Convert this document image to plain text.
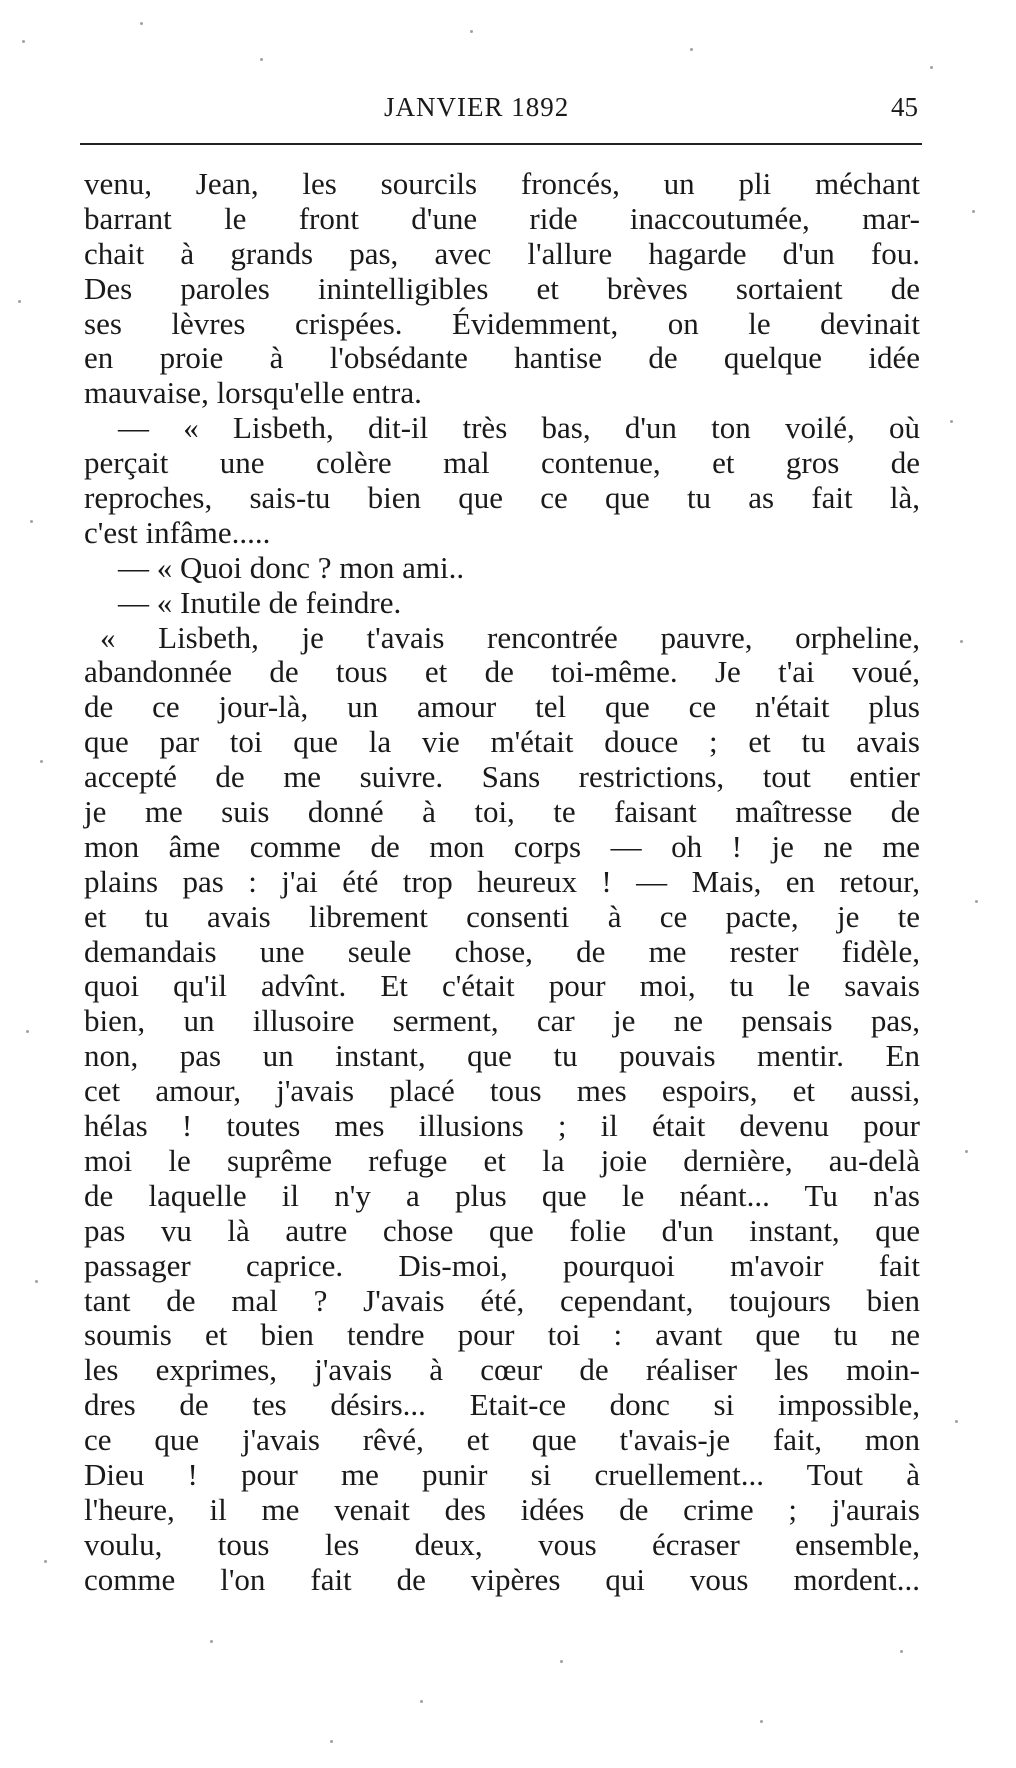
JANVIER 1892	45
venu, Jean, les sourcils froncés, un pli méchant
barrant le front d'une ride inaccoutumée, mar-
chait à grands pas, avec l'allure hagarde d'un fou.
Des paroles inintelligibles et brèves sortaient de
ses lèvres crispées. Évidemment, on le devinait
en proie à l'obsédante hantise de quelque idée
mauvaise, lorsqu'elle entra.
— « Lisbeth, dit-il très bas, d'un ton voilé, où
perçait une colère mal contenue, et gros de
reproches, sais-tu bien que ce que tu as fait là,
c'est infâme.....
— « Quoi donc ? mon ami..
— « Inutile de feindre.
« Lisbeth, je t'avais rencontrée pauvre, orpheline,
abandonnée de tous et de toi-même. Je t'ai voué,
de ce jour-là, un amour tel que ce n'était plus
que par toi que la vie m'était douce ; et tu avais
accepté de me suivre. Sans restrictions, tout entier
je me suis donné à toi, te faisant maîtresse de
mon âme comme de mon corps — oh ! je ne me
plains pas : j'ai été trop heureux ! — Mais, en retour,
et tu avais librement consenti à ce pacte, je te
demandais une seule chose, de me rester fidèle,
quoi qu'il advînt. Et c'était pour moi, tu le savais
bien, un illusoire serment, car je ne pensais pas,
non, pas un instant, que tu pouvais mentir. En
cet amour, j'avais placé tous mes espoirs, et aussi,
hélas ! toutes mes illusions ; il était devenu pour
moi le suprême refuge et la joie dernière, au-delà
de laquelle il n'y a plus que le néant... Tu n'as
pas vu là autre chose que folie d'un instant, que
passager caprice. Dis-moi, pourquoi m'avoir fait
tant de mal ? J'avais été, cependant, toujours bien
soumis et bien tendre pour toi : avant que tu ne
les exprimes, j'avais à cœur de réaliser les moin-
dres de tes désirs... Etait-ce donc si impossible,
ce que j'avais rêvé, et que t'avais-je fait, mon
Dieu ! pour me punir si cruellement... Tout à
l'heure, il me venait des idées de crime ; j'aurais
voulu, tous les deux, vous écraser ensemble,
comme l'on fait de vipères qui vous mordent...
